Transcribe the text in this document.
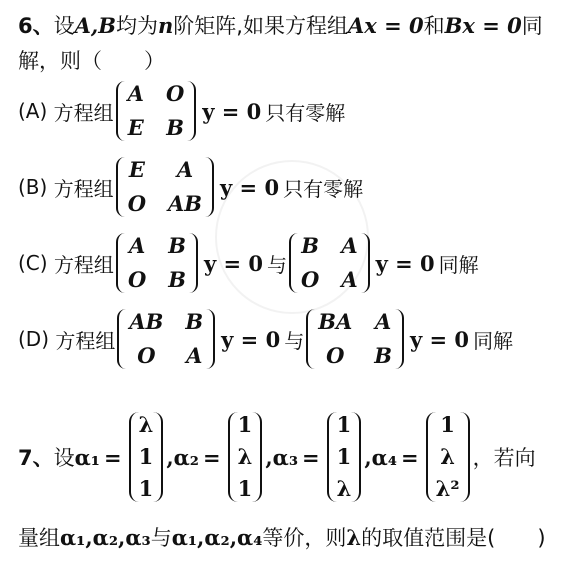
6、设A,B均为n阶矩阵,如果方程组Ax = 0和Bx = 0同
解，则（　　）
(A)
方程组
A O
E B
y = 0 只有零解
(B)
方程组
E	A
O AB
y = 0 只有零解
(C)
方程组
A B
O B
y = 0 与
B A
O A
y = 0 同解
(D)
方程组
AB B
O	A
y = 0 与
BA A
O	B
y = 0 同解
7、 设 α₁ =
λ
1
1
, α₂ =
1
λ
1
, α₃ =
1
1
λ
, α₄ =
1
λ
λ²
，若向
量组α₁,α₂,α₃与α₁,α₂,α₄等价，则λ的取值范围是(　　)
